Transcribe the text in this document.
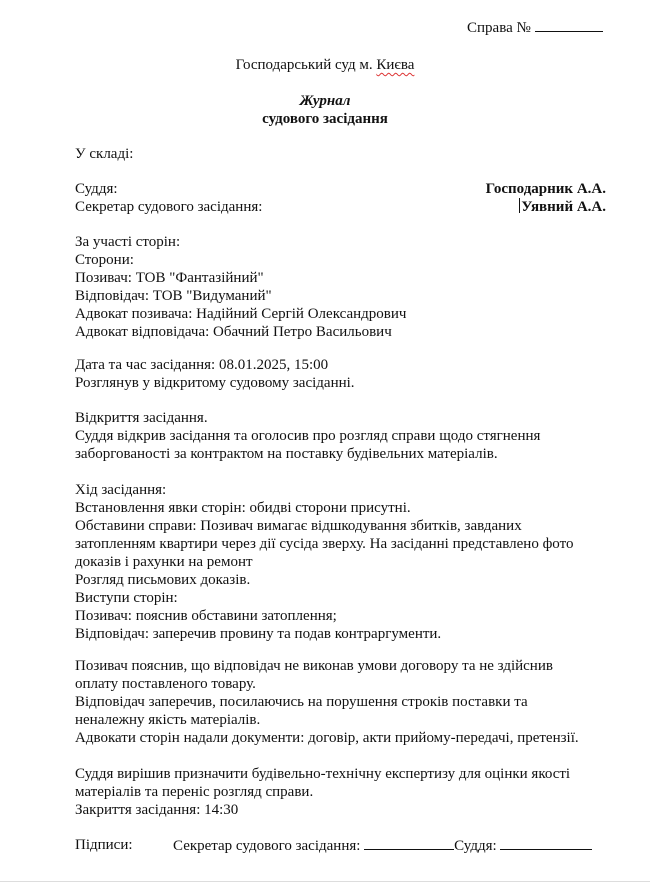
Справа №
Господарський суд м. Києва
Журнал
судового засідання
У складі:
Суддя:	Господарник А.А.
Секретар судового засідання:	Уявний А.А.
За участі сторін:
Сторони:
Позивач: ТОВ "Фантазійний"
Відповідач: ТОВ "Видуманий"
Адвокат позивача: Надійний Сергій Олександрович
Адвокат відповідача: Обачний Петро Васильович
Дата та час засідання: 08.01.2025, 15:00
Розглянув у відкритому судовому засіданні.
Відкриття засідання.
Суддя відкрив засідання та оголосив про розгляд справи щодо стягнення
заборгованості за контрактом на поставку будівельних матеріалів.
Хід засідання:
Встановлення явки сторін: обидві сторони присутні.
Обставини справи: Позивач вимагає відшкодування збитків, завданих
затопленням квартири через дії сусіда зверху. На засіданні представлено фото
доказів і рахунки на ремонт
Розгляд письмових доказів.
Виступи сторін:
Позивач: пояснив обставини затоплення;
Відповідач: заперечив провину та подав контраргументи.
Позивач пояснив, що відповідач не виконав умови договору та не здійснив
оплату поставленого товару.
Відповідач заперечив, посилаючись на порушення строків поставки та
неналежну якість матеріалів.
Адвокати сторін надали документи: договір, акти прийому-передачі, претензії.
Суддя вирішив призначити будівельно-технічну експертизу для оцінки якості
матеріалів та переніс розгляд справи.
Закриття засідання: 14:30
Підписи:	Секретар судового засідання:	Суддя:
